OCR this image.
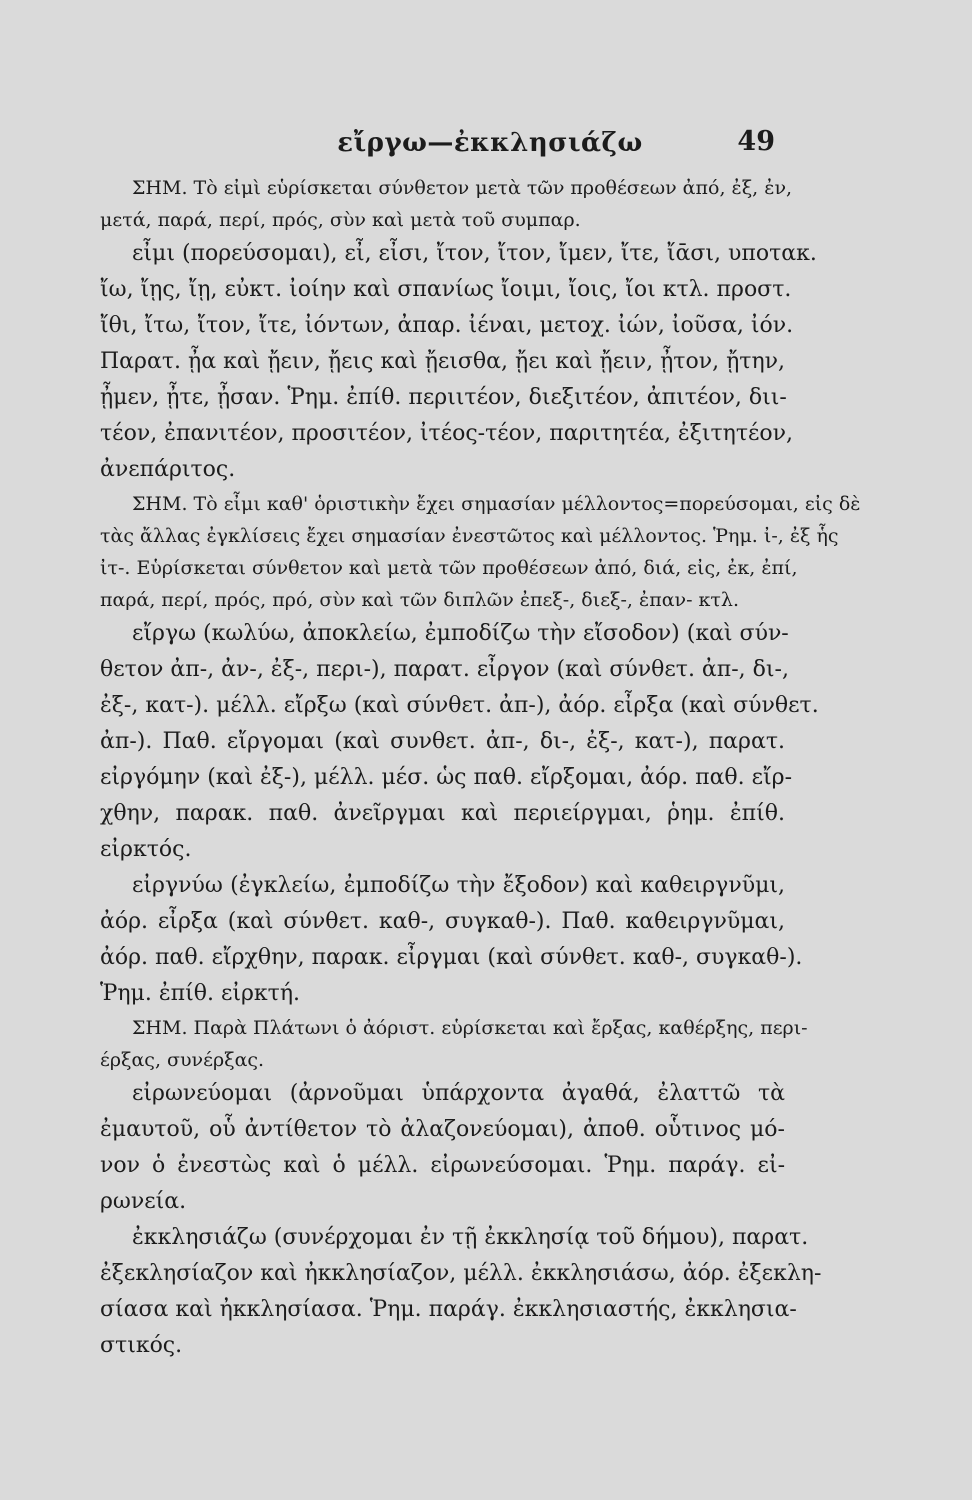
εἴργω—ἐκκλησιάζω	49
ΣΗΜ. Τὸ εἰμὶ εὑρίσκεται σύνθετον μετὰ τῶν προθέσεων ἀπό, ἐξ, ἐν,
μετά, παρά, περί, πρός, σὺν καὶ μετὰ τοῦ συμπαρ.
εἶμι (πορεύσομαι), εἶ, εἶσι, ἴτον, ἴτον, ἴμεν, ἴτε, ἴᾱσι, υποτακ.
ἴω, ἴῃς, ἴῃ, εὐκτ. ἰοίην καὶ σπανίως ἴοιμι, ἴοις, ἴοι κτλ. προστ.
ἴθι, ἴτω, ἴτον, ἴτε, ἰόντων, ἀπαρ. ἰέναι, μετοχ. ἰών, ἰοῦσα, ἰόν.
Παρατ. ᾖα καὶ ᾔειν, ᾔεις καὶ ᾔεισθα, ᾔει καὶ ᾔειν, ᾖτον, ᾔτην,
ᾖμεν, ᾖτε, ᾖσαν. Ῥημ. ἐπίθ. περιιτέον, διεξιτέον, ἀπιτέον, διι-
τέον, ἐπανιτέον, προσιτέον, ἰτέος-τέον, παριτητέα, ἐξιτητέον,
ἀνεπάριτος.
ΣΗΜ. Τὸ εἶμι καθ' ὁριστικὴν ἔχει σημασίαν μέλλοντος=πορεύσομαι, εἰς δὲ
τὰς ἄλλας ἐγκλίσεις ἔχει σημασίαν ἐνεστῶτος καὶ μέλλοντος. Ῥημ. ἰ-, ἐξ ἧς
ἰτ-. Εὑρίσκεται σύνθετον καὶ μετὰ τῶν προθέσεων ἀπό, διά, εἰς, ἐκ, ἐπί,
παρά, περί, πρός, πρό, σὺν καὶ τῶν διπλῶν ἐπεξ-, διεξ-, ἐπαν- κτλ.
εἴργω (κωλύω, ἀποκλείω, ἐμποδίζω τὴν εἴσοδον) (καὶ σύν-
θετον ἀπ-, ἀν-, ἐξ-, περι-), παρατ. εἶργον (καὶ σύνθετ. ἀπ-, δι-,
ἐξ-, κατ-). μέλλ. εἴρξω (καὶ σύνθετ. ἀπ-), ἀόρ. εἶρξα (καὶ σύνθετ.
ἀπ-). Παθ. εἴργομαι (καὶ συνθετ. ἀπ-, δι-, ἐξ-, κατ-), παρατ.
εἰργόμην (καὶ ἐξ-), μέλλ. μέσ. ὡς παθ. εἴρξομαι, ἀόρ. παθ. εἴρ-
χθην, παρακ. παθ. ἀνεῖργμαι καὶ περιείργμαι, ῥημ. ἐπίθ.
εἰρκτός.
εἰργνύω (ἐγκλείω, ἐμποδίζω τὴν ἔξοδον) καὶ καθειργνῦμι,
ἀόρ. εἶρξα (καὶ σύνθετ. καθ-, συγκαθ-). Παθ. καθειργνῦμαι,
ἀόρ. παθ. εἴρχθην, παρακ. εἶργμαι (καὶ σύνθετ. καθ-, συγκαθ-).
Ῥημ. ἐπίθ. εἰρκτή.
ΣΗΜ. Παρὰ Πλάτωνι ὁ ἀόριστ. εὑρίσκεται καὶ ἔρξας, καθέρξης, περι-
έρξας, συνέρξας.
εἰρωνεύομαι (ἀρνοῦμαι ὑπάρχοντα ἀγαθά, ἐλαττῶ τὰ
ἐμαυτοῦ, οὗ ἀντίθετον τὸ ἀλαζονεύομαι), ἀποθ. οὗτινος μό-
νον ὁ ἐνεστὼς καὶ ὁ μέλλ. εἰρωνεύσομαι. Ῥημ. παράγ. εἰ-
ρωνεία.
ἐκκλησιάζω (συνέρχομαι ἐν τῇ ἐκκλησίᾳ τοῦ δήμου), παρατ.
ἐξεκλησίαζον καὶ ἠκκλησίαζον, μέλλ. ἐκκλησιάσω, ἀόρ. ἐξεκλη-
σίασα καὶ ἠκκλησίασα. Ῥημ. παράγ. ἐκκλησιαστής, ἐκκλησια-
στικός.
